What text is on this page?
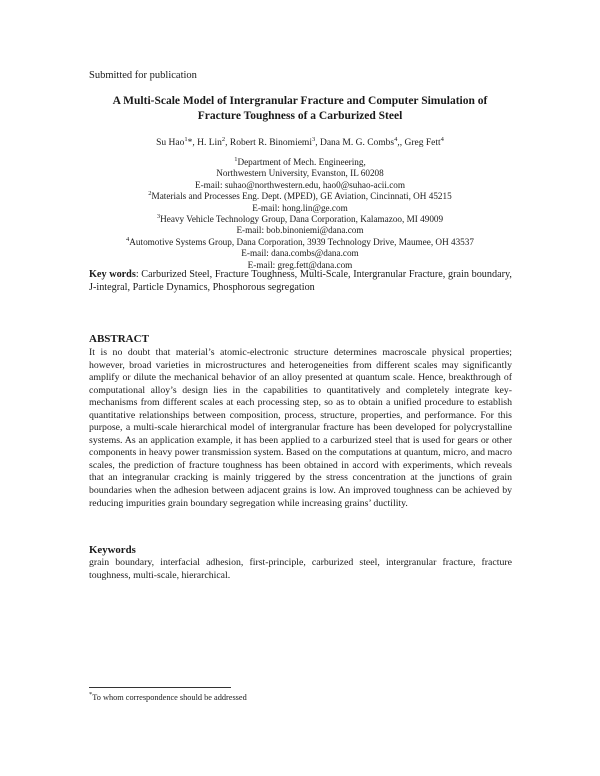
Submitted for publication
A Multi-Scale Model of Intergranular Fracture and Computer Simulation of
Fracture Toughness of a Carburized Steel
Su Hao$^1$*, H. Lin$^2$, Robert R. Binomiemi$^3$, Dana M. G. Combs$^4$,, Greg Fett$^4$
$^1$Department of Mech. Engineering,
Northwestern University, Evanston, IL 60208
E-mail: suhao@northwestern.edu, hao0@suhao-acii.com
$^2$Materials and Processes Eng. Dept. (MPED), GE Aviation, Cincinnati, OH 45215
E-mail: hong.lin@ge.com
$^3$Heavy Vehicle Technology Group, Dana Corporation, Kalamazoo, MI 49009
E-mail: bob.binoniemi@dana.com
$^4$Automotive Systems Group, Dana Corporation, 3939 Technology Drive, Maumee, OH 43537
E-mail: dana.combs@dana.com
E-mail: greg.fett@dana.com
Key words: Carburized Steel, Fracture Toughness, Multi-Scale, Intergranular Fracture, grain boundary, J-integral, Particle Dynamics, Phosphorous segregation
ABSTRACT
It is no doubt that material’s atomic-electronic structure determines macroscale physical properties; however, broad varieties in microstructures and heterogeneities from different scales may significantly amplify or dilute the mechanical behavior of an alloy presented at quantum scale. Hence, breakthrough of computational alloy’s design lies in the capabilities to quantitatively and completely integrate key-mechanisms from different scales at each processing step, so as to obtain a unified procedure to establish quantitative relationships between composition, process, structure, properties, and performance. For this purpose, a multi-scale hierarchical model of intergranular fracture has been developed for polycrystalline systems. As an application example, it has been applied to a carburized steel that is used for gears or other components in heavy power transmission system. Based on the computations at quantum, micro, and macro scales, the prediction of fracture toughness has been obtained in accord with experiments, which reveals that an integranular cracking is mainly triggered by the stress concentration at the junctions of grain boundaries when the adhesion between adjacent grains is low. An improved toughness can be achieved by reducing impurities grain boundary segregation while increasing grains’ ductility.
Keywords
grain boundary, interfacial adhesion, first-principle, carburized steel, intergranular fracture, fracture toughness, multi-scale, hierarchical.
*To whom correspondence should be addressed
